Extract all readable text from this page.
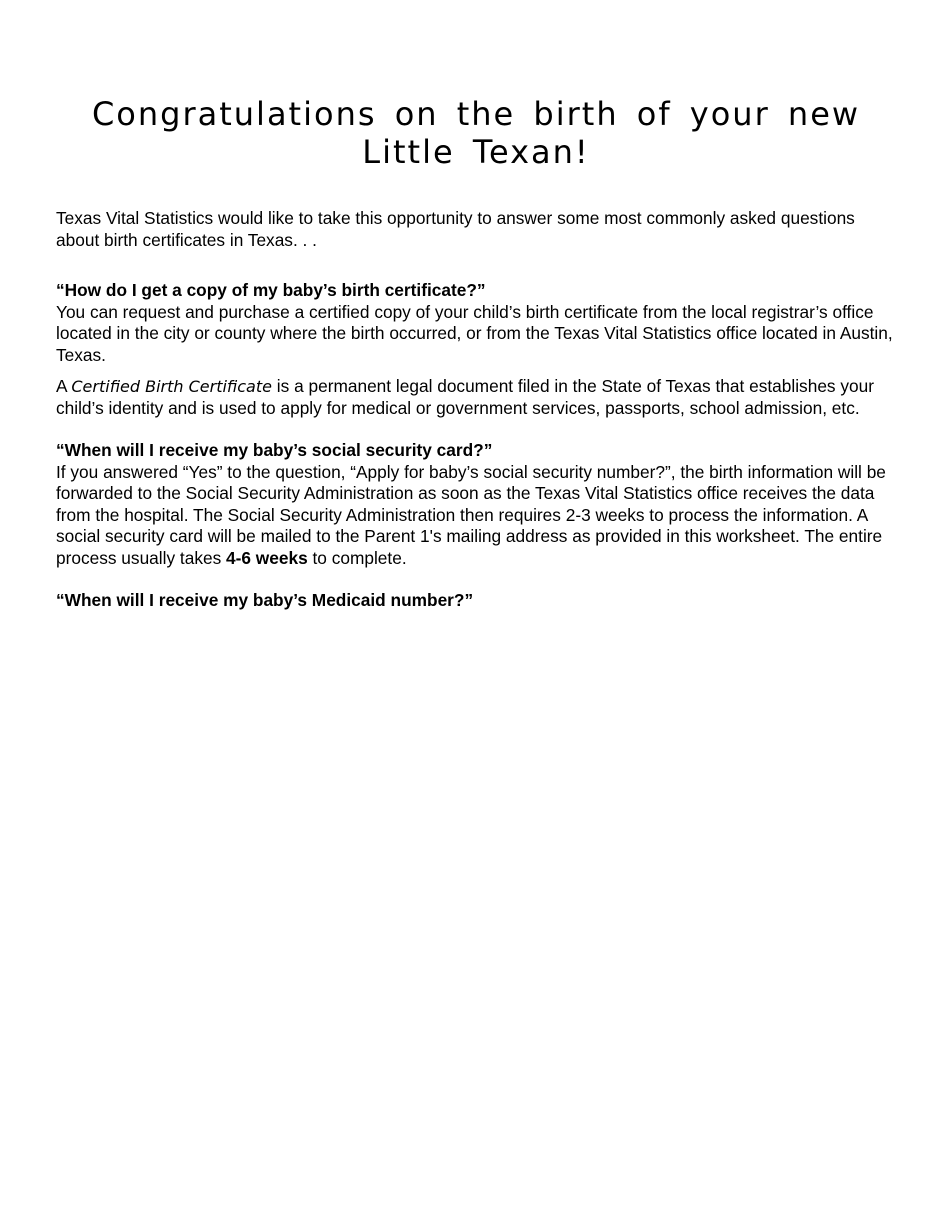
Congratulations on the birth of your new
Little Texan!

Texas Vital Statistics would like to take this opportunity to answer some most commonly asked questions about birth certificates in Texas. . .

“How do I get a copy of my baby’s birth certificate?”

You can request and purchase a certified copy of your child’s birth certificate from the local registrar’s office located in the city or county where the birth occurred, or from the Texas Vital Statistics office located in Austin, Texas.

A Certified Birth Certificate is a permanent legal document filed in the State of Texas that establishes your child’s identity and is used to apply for medical or government services, passports, school admission, etc.

“When will I receive my baby’s social security card?”

If you answered “Yes” to the question, “Apply for baby’s social security number?”, the birth information will be forwarded to the Social Security Administration as soon as the Texas Vital Statistics office receives the data from the hospital. The Social Security Administration then requires 2-3 weeks to process the information. A social security card will be mailed to the Parent 1's mailing address as provided in this worksheet. The entire process usually takes 4-6 weeks to complete.

“When will I receive my baby’s Medicaid number?”
